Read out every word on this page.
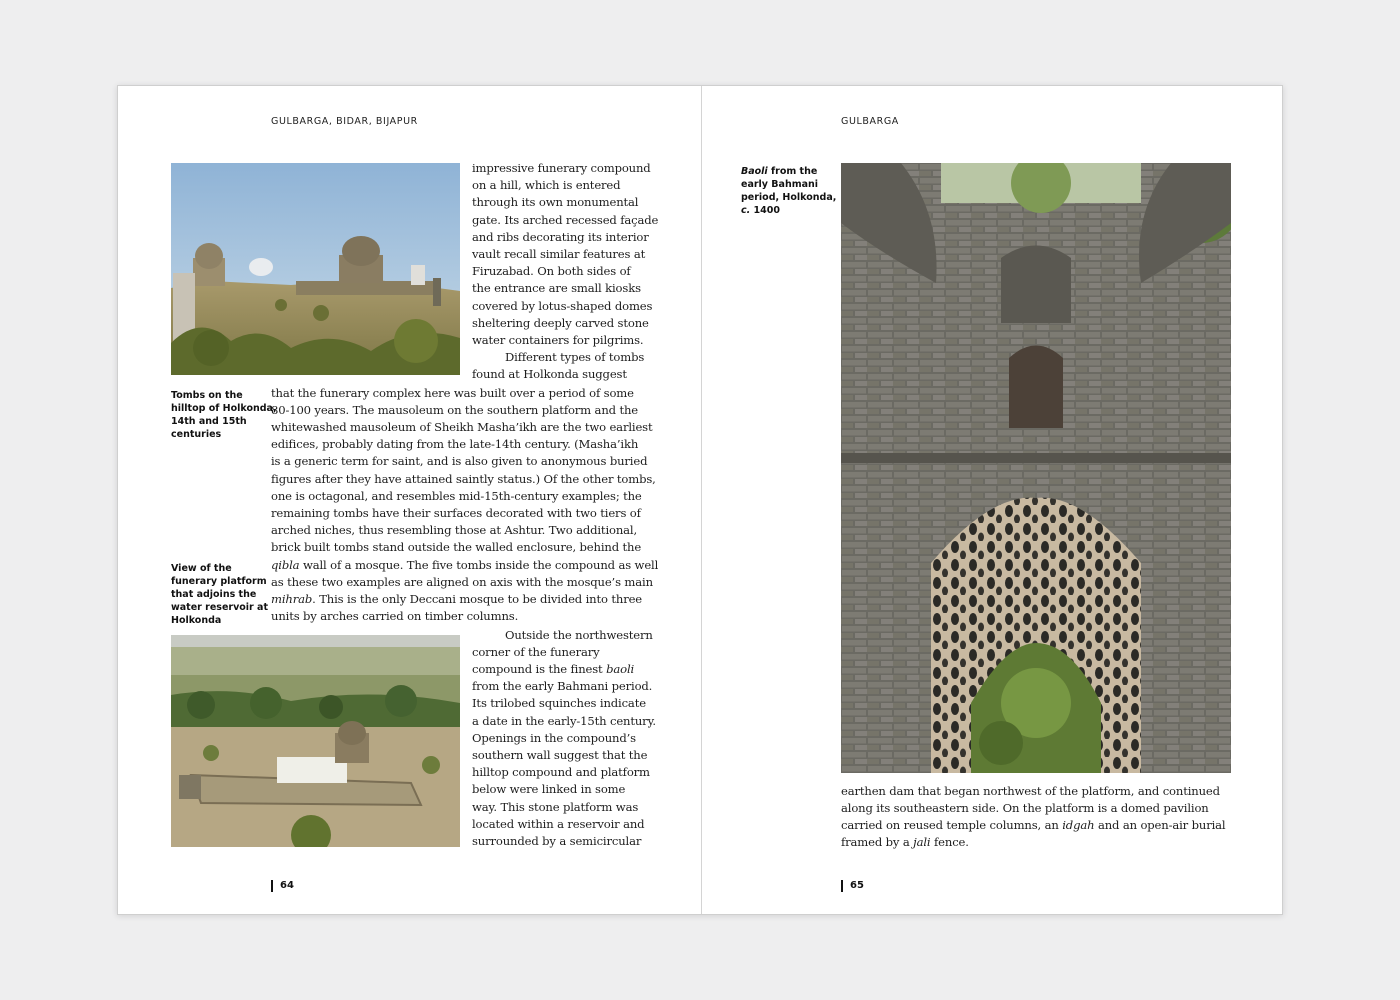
GULBARGA, BIDAR, BIJAPUR
Tombs on the
hilltop of Holkonda,
14th and 15th
centuries
View of the
funerary platform
that adjoins the
water reservoir at
Holkonda
impressive funerary compound
on a hill, which is entered
through its own monumental
gate. Its arched recessed façade
and ribs decorating its interior
vault recall similar features at
Firuzabad. On both sides of
the entrance are small kiosks
covered by lotus-shaped domes
sheltering deeply carved stone
water containers for pilgrims.
Different types of tombs
found at Holkonda suggest
that the funerary complex here was built over a period of some
80-100 years. The mausoleum on the southern platform and the
whitewashed mausoleum of Sheikh Masha’ikh are the two earliest
edifices, probably dating from the late-14th century. (Masha’ikh
is a generic term for saint, and is also given to anonymous buried
figures after they have attained saintly status.) Of the other tombs,
one is octagonal, and resembles mid-15th-century examples; the
remaining tombs have their surfaces decorated with two tiers of
arched niches, thus resembling those at Ashtur. Two additional,
brick built tombs stand outside the walled enclosure, behind the
qibla wall of a mosque. The five tombs inside the compound as well
as these two examples are aligned on axis with the mosque’s main
mihrab. This is the only Deccani mosque to be divided into three
units by arches carried on timber columns.
Outside the northwestern
corner of the funerary
compound is the finest baoli
from the early Bahmani period.
Its trilobed squinches indicate
a date in the early-15th century.
Openings in the compound’s
southern wall suggest that the
hilltop compound and platform
below were linked in some
way. This stone platform was
located within a reservoir and
surrounded by a semicircular
64
GULBARGA
Baoli from the
early Bahmani
period, Holkonda,
c. 1400
earthen dam that began northwest of the platform, and continued
along its southeastern side. On the platform is a domed pavilion
carried on reused temple columns, an idgah and an open-air burial
framed by a jali fence.
65
